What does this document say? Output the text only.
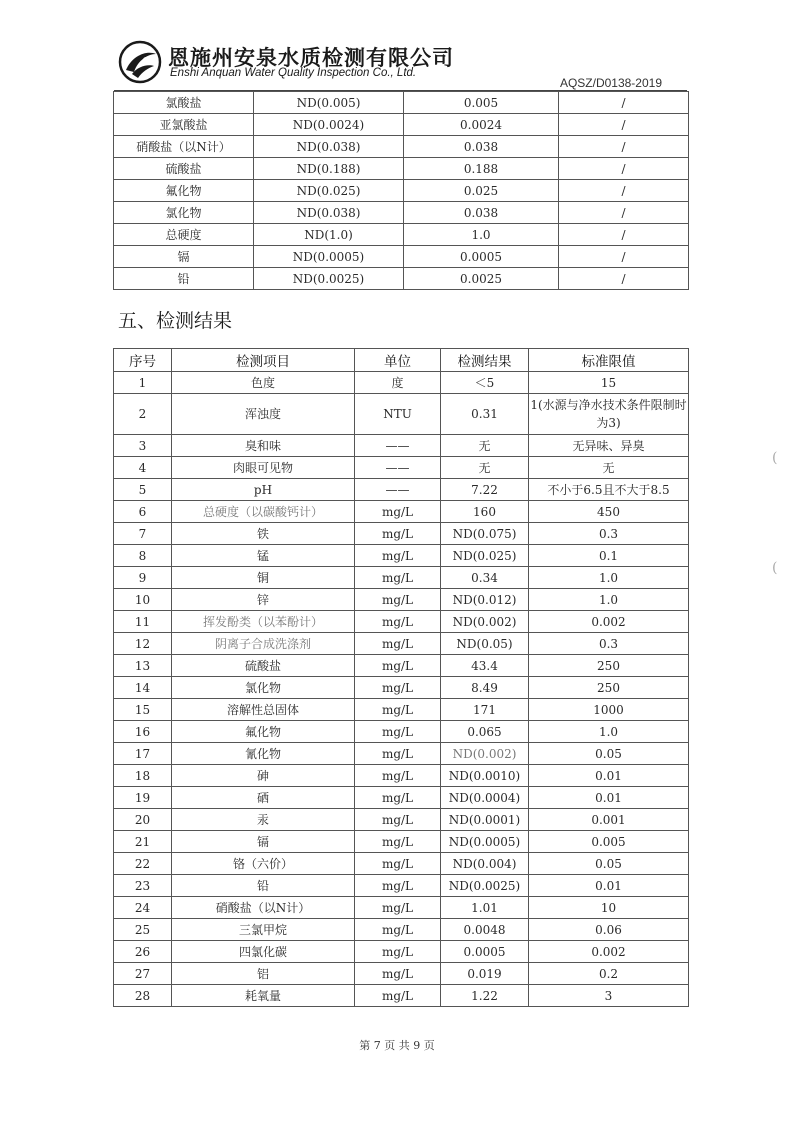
恩施州安泉水质检测有限公司
Enshi Anquan Water Quality Inspection Co., Ltd.
AQSZ/D0138-2019
氯酸盐	ND(0.005)	0.005	/
亚氯酸盐	ND(0.0024)	0.0024	/
硝酸盐（以N计）	ND(0.038)	0.038	/
硫酸盐	ND(0.188)	0.188	/
氟化物	ND(0.025)	0.025	/
氯化物	ND(0.038)	0.038	/
总硬度	ND(1.0)	1.0	/
镉	ND(0.0005)	0.0005	/
铅	ND(0.0025)	0.0025	/
五、检测结果
序号	检测项目	单位	检测结果	标准限值
1	色度	度	＜5	15
2	浑浊度	NTU	0.31	1(水源与净水技术条件限制时为3)
3	臭和味	——	无	无异味、异臭
4	肉眼可见物	——	无	无
5	pH	——	7.22	不小于6.5且不大于8.5
6	总硬度（以碳酸钙计）	mg/L	160	450
7	铁	mg/L	ND(0.075)	0.3
8	锰	mg/L	ND(0.025)	0.1
9	铜	mg/L	0.34	1.0
10	锌	mg/L	ND(0.012)	1.0
11	挥发酚类（以苯酚计）	mg/L	ND(0.002)	0.002
12	阴离子合成洗涤剂	mg/L	ND(0.05)	0.3
13	硫酸盐	mg/L	43.4	250
14	氯化物	mg/L	8.49	250
15	溶解性总固体	mg/L	171	1000
16	氟化物	mg/L	0.065	1.0
17	氰化物	mg/L	ND(0.002)	0.05
18	砷	mg/L	ND(0.0010)	0.01
19	硒	mg/L	ND(0.0004)	0.01
20	汞	mg/L	ND(0.0001)	0.001
21	镉	mg/L	ND(0.0005)	0.005
22	铬（六价）	mg/L	ND(0.004)	0.05
23	铅	mg/L	ND(0.0025)	0.01
24	硝酸盐（以N计）	mg/L	1.01	10
25	三氯甲烷	mg/L	0.0048	0.06
26	四氯化碳	mg/L	0.0005	0.002
27	铝	mg/L	0.019	0.2
28	耗氧量	mg/L	1.22	3
第 7 页 共 9 页
(
(
